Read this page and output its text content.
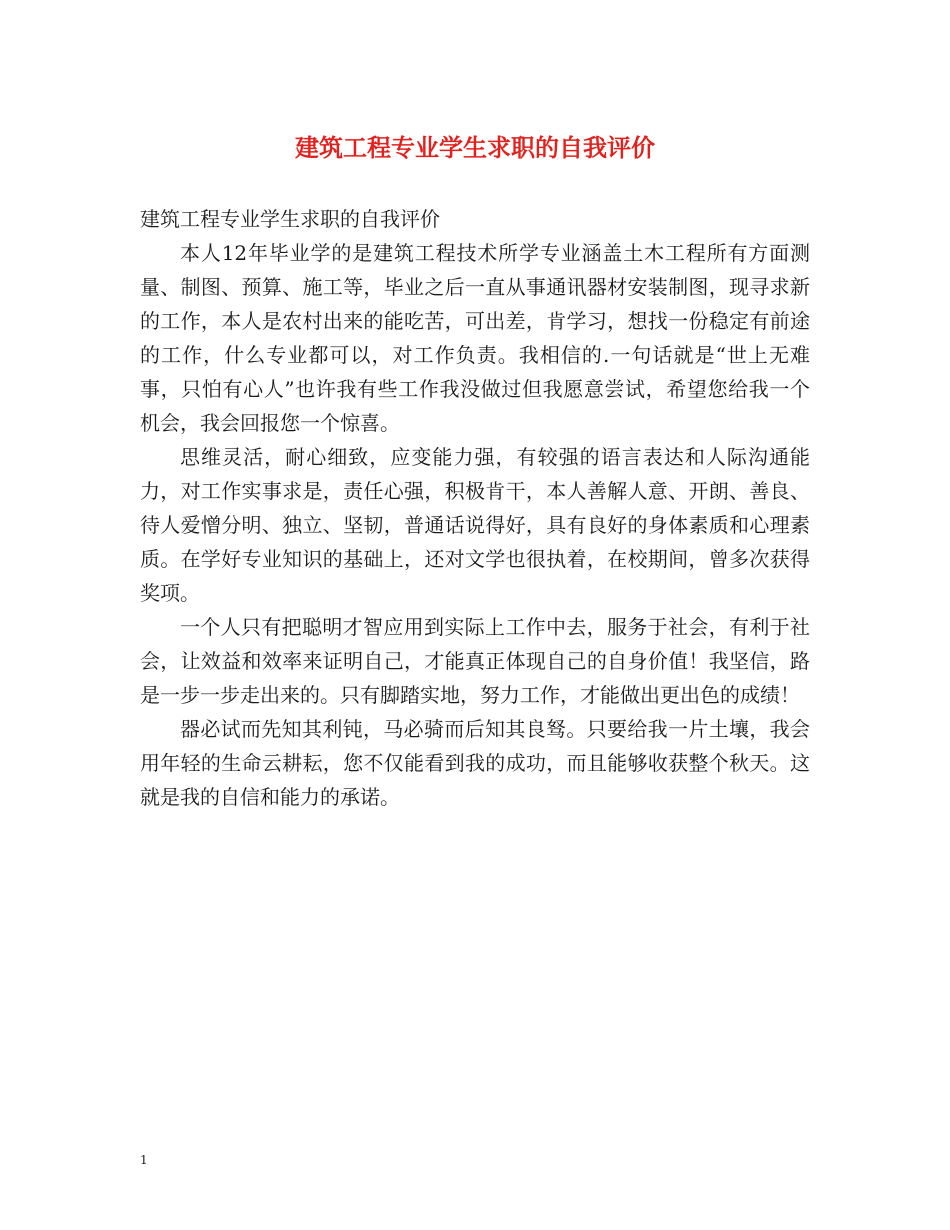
建筑工程专业学生求职的自我评价

建筑工程专业学生求职的自我评价

本人12年毕业学的是建筑工程技术所学专业涵盖土木工程所有方面测量、制图、预算、施工等，毕业之后一直从事通讯器材安装制图，现寻求新的工作，本人是农村出来的能吃苦，可出差，肯学习，想找一份稳定有前途的工作，什么专业都可以，对工作负责。我相信的.一句话就是“世上无难事，只怕有心人”也许我有些工作我没做过但我愿意尝试，希望您给我一个机会，我会回报您一个惊喜。

思维灵活，耐心细致，应变能力强，有较强的语言表达和人际沟通能力，对工作实事求是，责任心强，积极肯干，本人善解人意、开朗、善良、待人爱憎分明、独立、坚韧，普通话说得好，具有良好的身体素质和心理素质。在学好专业知识的基础上，还对文学也很执着，在校期间，曾多次获得奖项。

一个人只有把聪明才智应用到实际上工作中去，服务于社会，有利于社会，让效益和效率来证明自己，才能真正体现自己的自身价值！我坚信，路是一步一步走出来的。只有脚踏实地，努力工作，才能做出更出色的成绩！

器必试而先知其利钝，马必骑而后知其良驽。只要给我一片土壤，我会用年轻的生命云耕耘，您不仅能看到我的成功，而且能够收获整个秋天。这就是我的自信和能力的承诺。

1
